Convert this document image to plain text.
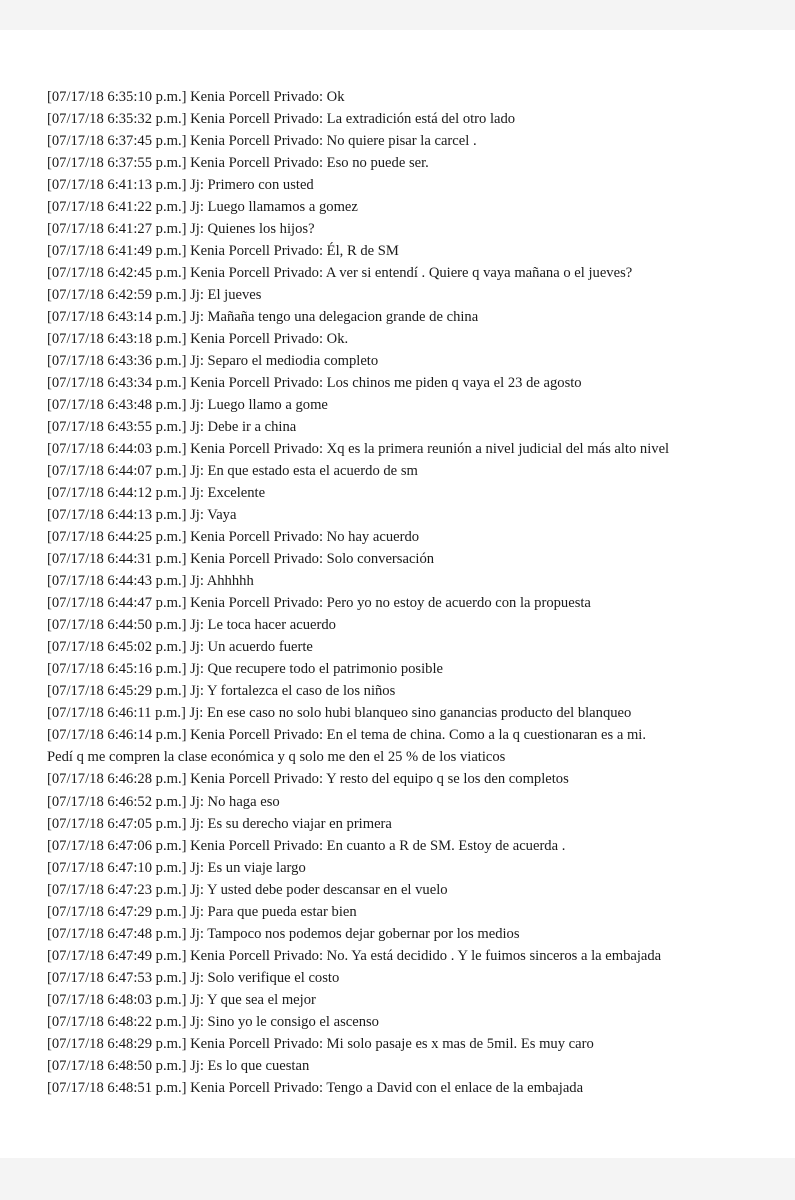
[07/17/18 6:35:10 p.m.] Kenia Porcell Privado: Ok
[07/17/18 6:35:32 p.m.] Kenia Porcell Privado: La extradición está del otro lado
[07/17/18 6:37:45 p.m.] Kenia Porcell Privado: No quiere pisar la carcel .
[07/17/18 6:37:55 p.m.] Kenia Porcell Privado: Eso no puede ser.
[07/17/18 6:41:13 p.m.] Jj: Primero con usted
[07/17/18 6:41:22 p.m.] Jj: Luego llamamos a gomez
[07/17/18 6:41:27 p.m.] Jj: Quienes los hijos?
[07/17/18 6:41:49 p.m.] Kenia Porcell Privado: Él, R de SM
[07/17/18 6:42:45 p.m.] Kenia Porcell Privado: A ver si entendí . Quiere q vaya mañana o el jueves?
[07/17/18 6:42:59 p.m.] Jj: El jueves
[07/17/18 6:43:14 p.m.] Jj: Mañaña tengo una delegacion grande de china
[07/17/18 6:43:18 p.m.] Kenia Porcell Privado: Ok.
[07/17/18 6:43:36 p.m.] Jj: Separo el mediodia completo
[07/17/18 6:43:34 p.m.] Kenia Porcell Privado: Los chinos me piden q vaya el 23 de agosto
[07/17/18 6:43:48 p.m.] Jj: Luego llamo a gome
[07/17/18 6:43:55 p.m.] Jj: Debe ir a china
[07/17/18 6:44:03 p.m.] Kenia Porcell Privado: Xq es la primera reunión a nivel judicial del más alto nivel
[07/17/18 6:44:07 p.m.] Jj: En que estado esta el acuerdo de sm
[07/17/18 6:44:12 p.m.] Jj: Excelente
[07/17/18 6:44:13 p.m.] Jj: Vaya
[07/17/18 6:44:25 p.m.] Kenia Porcell Privado: No hay acuerdo
[07/17/18 6:44:31 p.m.] Kenia Porcell Privado: Solo conversación
[07/17/18 6:44:43 p.m.] Jj: Ahhhhh
[07/17/18 6:44:47 p.m.] Kenia Porcell Privado: Pero yo no estoy de acuerdo con la propuesta
[07/17/18 6:44:50 p.m.] Jj: Le toca hacer acuerdo
[07/17/18 6:45:02 p.m.] Jj: Un acuerdo fuerte
[07/17/18 6:45:16 p.m.] Jj: Que recupere todo el patrimonio posible
[07/17/18 6:45:29 p.m.] Jj: Y fortalezca el caso de los niños
[07/17/18 6:46:11 p.m.] Jj: En ese caso no solo hubi blanqueo sino ganancias producto del blanqueo
[07/17/18 6:46:14 p.m.] Kenia Porcell Privado: En el tema de china. Como a la q cuestionaran es a mi.
Pedí q me compren la clase económica y q solo me den el 25 % de los viaticos
[07/17/18 6:46:28 p.m.] Kenia Porcell Privado: Y resto del equipo q se los den completos
[07/17/18 6:46:52 p.m.] Jj: No haga eso
[07/17/18 6:47:05 p.m.] Jj: Es su derecho viajar en primera
[07/17/18 6:47:06 p.m.] Kenia Porcell Privado: En cuanto a R de SM. Estoy de acuerda .
[07/17/18 6:47:10 p.m.] Jj: Es un viaje largo
[07/17/18 6:47:23 p.m.] Jj: Y usted debe poder descansar en el vuelo
[07/17/18 6:47:29 p.m.] Jj: Para que pueda estar bien
[07/17/18 6:47:48 p.m.] Jj: Tampoco nos podemos dejar gobernar por los medios
[07/17/18 6:47:49 p.m.] Kenia Porcell Privado: No. Ya está decidido . Y le fuimos sinceros a la embajada
[07/17/18 6:47:53 p.m.] Jj: Solo verifique el costo
[07/17/18 6:48:03 p.m.] Jj: Y que sea el mejor
[07/17/18 6:48:22 p.m.] Jj: Sino yo le consigo el ascenso
[07/17/18 6:48:29 p.m.] Kenia Porcell Privado: Mi solo pasaje es x mas de 5mil. Es muy caro
[07/17/18 6:48:50 p.m.] Jj: Es lo que cuestan
[07/17/18 6:48:51 p.m.] Kenia Porcell Privado: Tengo a David con el enlace de la embajada
